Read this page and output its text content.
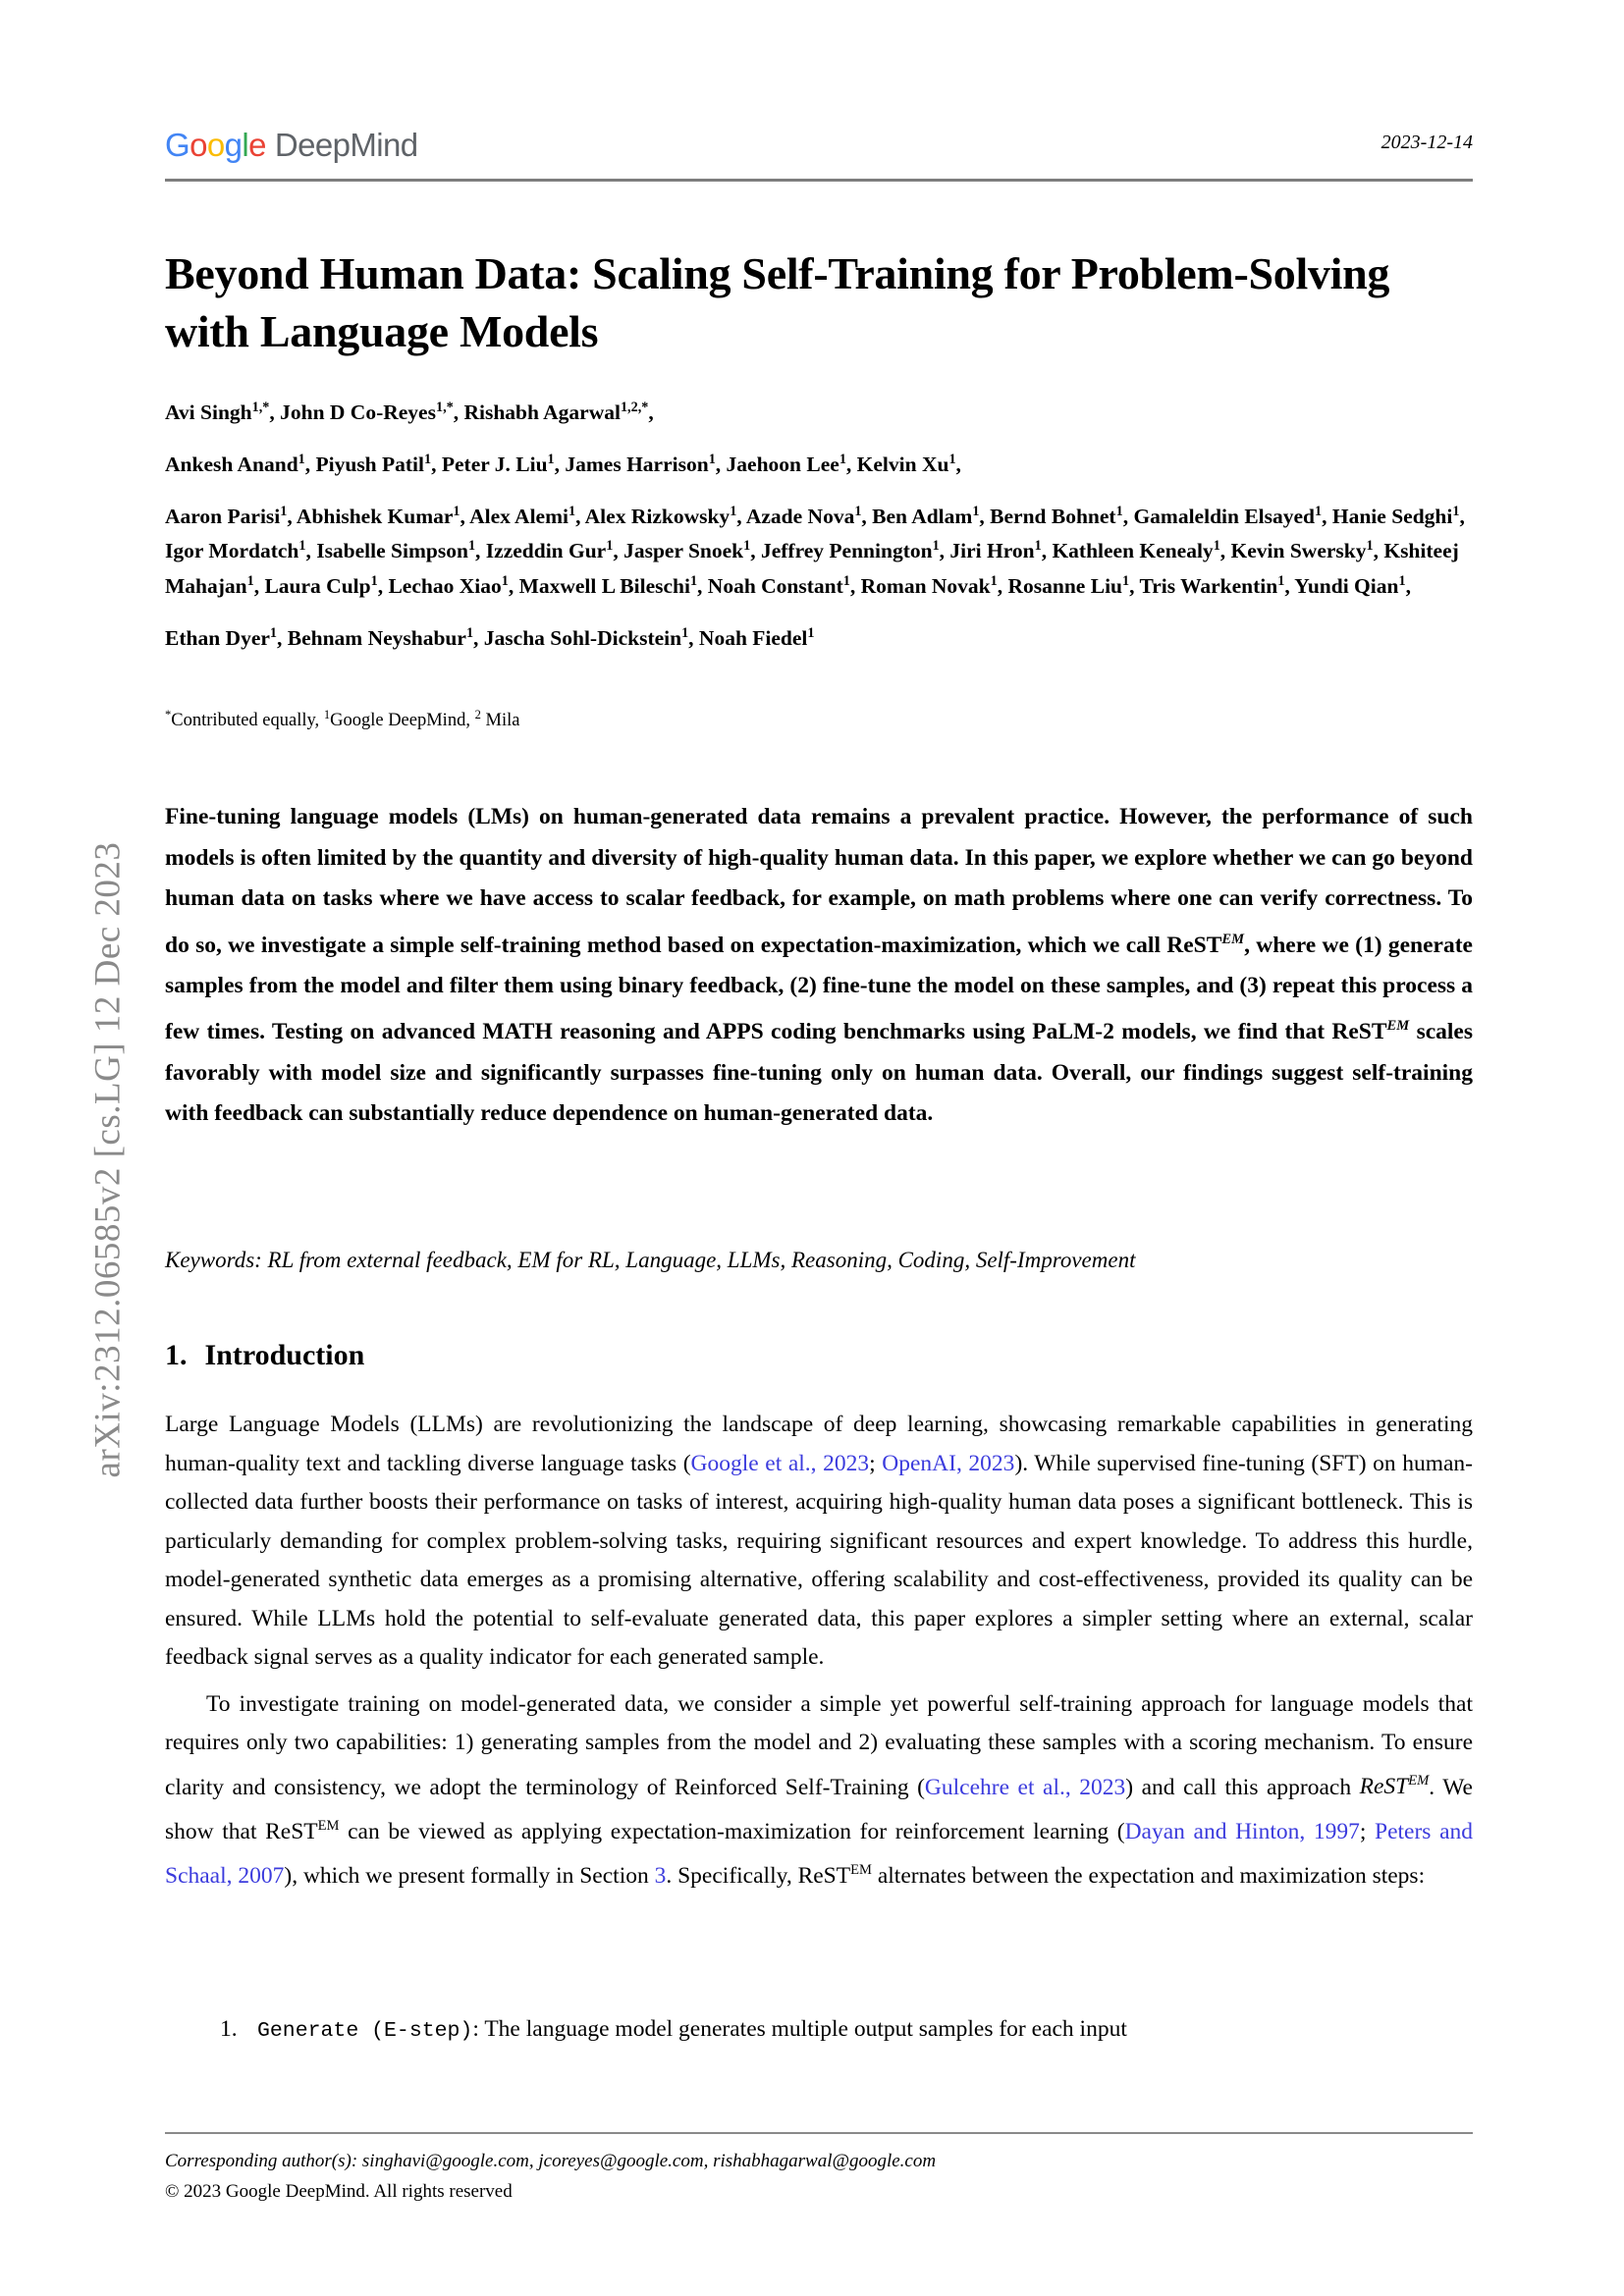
arXiv:2312.06585v2 [cs.LG] 12 Dec 2023
Google DeepMind	2023-12-14
Beyond Human Data: Scaling Self-Training for Problem-Solving with Language Models
Avi Singh$^{1,*}$, John D Co-Reyes$^{1,*}$, Rishabh Agarwal$^{1,2,*}$,
Ankesh Anand$^1$, Piyush Patil$^1$, Peter J. Liu$^1$, James Harrison$^1$, Jaehoon Lee$^1$, Kelvin Xu$^1$,
Aaron Parisi$^1$, Abhishek Kumar$^1$, Alex Alemi$^1$, Alex Rizkowsky$^1$, Azade Nova$^1$, Ben Adlam$^1$, Bernd Bohnet$^1$, Gamaleldin Elsayed$^1$, Hanie Sedghi$^1$, Igor Mordatch$^1$, Isabelle Simpson$^1$, Izzeddin Gur$^1$, Jasper Snoek$^1$, Jeffrey Pennington$^1$, Jiri Hron$^1$, Kathleen Kenealy$^1$, Kevin Swersky$^1$, Kshiteej Mahajan$^1$, Laura Culp$^1$, Lechao Xiao$^1$, Maxwell L Bileschi$^1$, Noah Constant$^1$, Roman Novak$^1$, Rosanne Liu$^1$, Tris Warkentin$^1$, Yundi Qian$^1$,
Ethan Dyer$^1$, Behnam Neyshabur$^1$, Jascha Sohl-Dickstein$^1$, Noah Fiedel$^1$
*Contributed equally, $^1$Google DeepMind, $^2$ Mila
Fine-tuning language models (LMs) on human-generated data remains a prevalent practice. However, the performance of such models is often limited by the quantity and diversity of high-quality human data. In this paper, we explore whether we can go beyond human data on tasks where we have access to scalar feedback, for example, on math problems where one can verify correctness. To do so, we investigate a simple self-training method based on expectation-maximization, which we call ReST$^{EM}$, where we (1) generate samples from the model and filter them using binary feedback, (2) fine-tune the model on these samples, and (3) repeat this process a few times. Testing on advanced MATH reasoning and APPS coding benchmarks using PaLM-2 models, we find that ReST$^{EM}$ scales favorably with model size and significantly surpasses fine-tuning only on human data. Overall, our findings suggest self-training with feedback can substantially reduce dependence on human-generated data.
Keywords: RL from external feedback, EM for RL, Language, LLMs, Reasoning, Coding, Self-Improvement
1. Introduction

Large Language Models (LLMs) are revolutionizing the landscape of deep learning, showcasing remarkable capabilities in generating human-quality text and tackling diverse language tasks (Google et al., 2023; OpenAI, 2023). While supervised fine-tuning (SFT) on human-collected data further boosts their performance on tasks of interest, acquiring high-quality human data poses a significant bottleneck. This is particularly demanding for complex problem-solving tasks, requiring significant resources and expert knowledge. To address this hurdle, model-generated synthetic data emerges as a promising alternative, offering scalability and cost-effectiveness, provided its quality can be ensured. While LLMs hold the potential to self-evaluate generated data, this paper explores a simpler setting where an external, scalar feedback signal serves as a quality indicator for each generated sample.

To investigate training on model-generated data, we consider a simple yet powerful self-training approach for language models that requires only two capabilities: 1) generating samples from the model and 2) evaluating these samples with a scoring mechanism. To ensure clarity and consistency, we adopt the terminology of Reinforced Self-Training (Gulcehre et al., 2023) and call this approach ReST$^{EM}$. We show that ReST$^{EM}$ can be viewed as applying expectation-maximization for reinforcement learning (Dayan and Hinton, 1997; Peters and Schaal, 2007), which we present formally in Section 3. Specifically, ReST$^{EM}$ alternates between the expectation and maximization steps:

1. Generate (E-step): The language model generates multiple output samples for each input
Corresponding author(s): singhavi@google.com, jcoreyes@google.com, rishabhagarwal@google.com
© 2023 Google DeepMind. All rights reserved
